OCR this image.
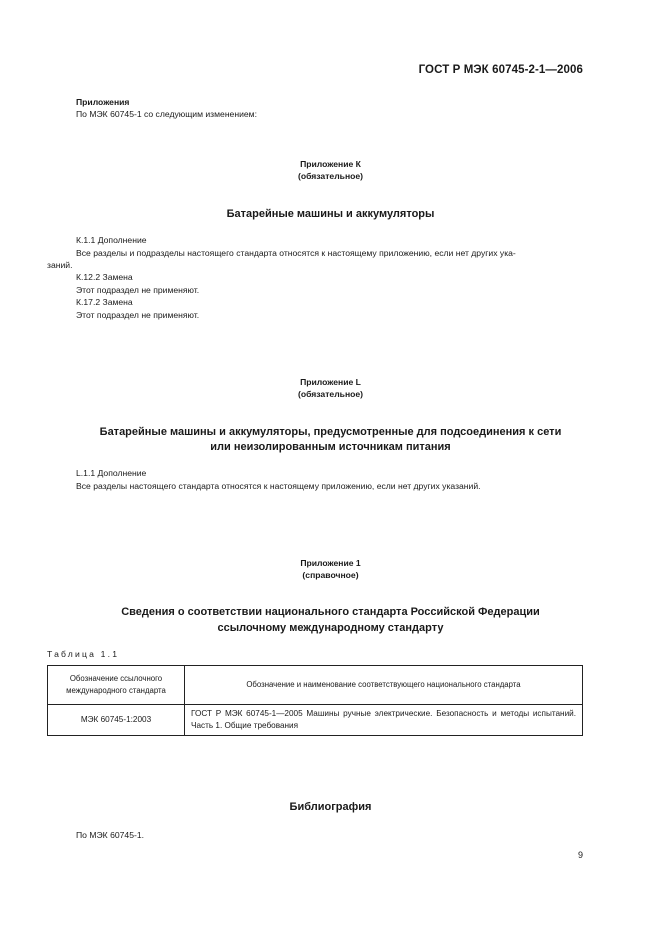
ГОСТ Р МЭК 60745-2-1—2006
Приложения
По МЭК 60745-1 со следующим изменением:
Приложение К
(обязательное)
Батарейные машины и аккумуляторы
К.1.1 Дополнение
Все разделы и подразделы настоящего стандарта относятся к настоящему приложению, если нет других ука-
заний.
К.12.2 Замена
Этот подраздел не применяют.
К.17.2 Замена
Этот подраздел не применяют.
Приложение L
(обязательное)
Батарейные машины и аккумуляторы, предусмотренные для подсоединения к сети
или неизолированным источникам питания
L.1.1 Дополнение
Все разделы настоящего стандарта относятся к настоящему приложению, если нет других указаний.
Приложение 1
(справочное)
Сведения о соответствии национального стандарта Российской Федерации
ссылочному международному стандарту
Таблица 1.1
Обозначение ссылочного международного стандарта	Обозначение и наименование соответствующего национального стандарта
МЭК 60745-1:2003	ГОСТ Р МЭК 60745-1—2005 Машины ручные электрические. Безопасность и методы испытаний. Часть 1. Общие требования
Библиография
По МЭК 60745-1.
9
